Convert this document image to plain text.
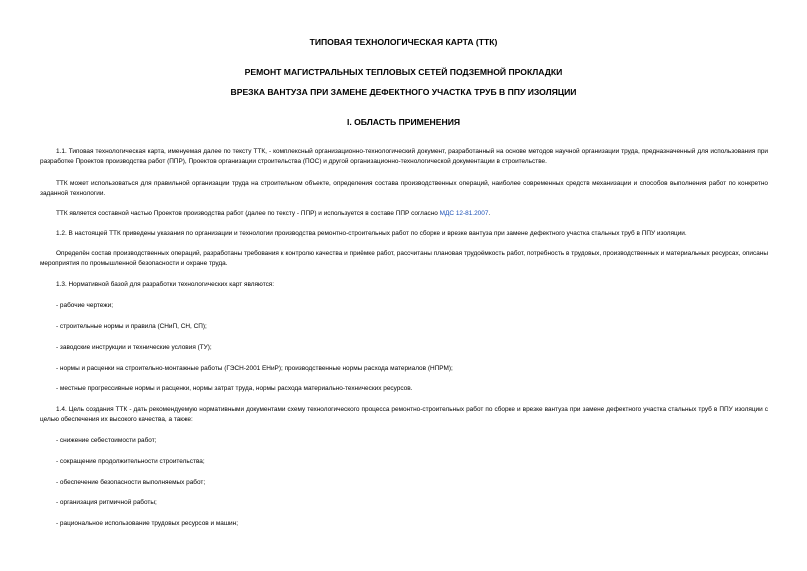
ТИПОВАЯ ТЕХНОЛОГИЧЕСКАЯ КАРТА (ТТК)
РЕМОНТ МАГИСТРАЛЬНЫХ ТЕПЛОВЫХ СЕТЕЙ ПОДЗЕМНОЙ ПРОКЛАДКИ
ВРЕЗКА ВАНТУЗА ПРИ ЗАМЕНЕ ДЕФЕКТНОГО УЧАСТКА ТРУБ В ППУ ИЗОЛЯЦИИ
I. ОБЛАСТЬ ПРИМЕНЕНИЯ
1.1. Типовая технологическая карта, именуемая далее по тексту ТТК, - комплексный организационно-технологический документ, разработанный на основе методов научной организации труда, предназначенный для использования при разработке Проектов производства работ (ППР), Проектов организации строительства (ПОС) и другой организационно-технологической документации в строительстве.
ТТК может использоваться для правильной организации труда на строительном объекте, определения состава производственных операций, наиболее современных средств механизации и способов выполнения работ по конкретно заданной технологии.
ТТК является составной частью Проектов производства работ (далее по тексту - ППР) и используется в составе ППР согласно МДС 12-81.2007.
1.2. В настоящей ТТК приведены указания по организации и технологии производства ремонтно-строительных работ по сборке и врезке вантуза при замене дефектного участка стальных труб в ППУ изоляции.
Определён состав производственных операций, разработаны требования к контролю качества и приёмке работ, рассчитаны плановая трудоёмкость работ, потребность в трудовых, производственных и материальных ресурсах, описаны мероприятия по промышленной безопасности и охране труда.
1.3. Нормативной базой для разработки технологических карт являются:
- рабочие чертежи;
- строительные нормы и правила (СНиП, СН, СП);
- заводские инструкции и технические условия (ТУ);
- нормы и расценки на строительно-монтажные работы (ГЭСН-2001 ЕНиР); производственные нормы расхода материалов (НПРМ);
- местные прогрессивные нормы и расценки, нормы затрат труда, нормы расхода материально-технических ресурсов.
1.4. Цель создания ТТК - дать рекомендуемую нормативными документами схему технологического процесса ремонтно-строительных работ по сборке и врезке вантуза при замене дефектного участка стальных труб в ППУ изоляции с целью обеспечения их высокого качества, а также:
- снижение себестоимости работ;
- сокращение продолжительности строительства;
- обеспечение безопасности выполняемых работ;
- организация ритмичной работы;
- рациональное использование трудовых ресурсов и машин;
